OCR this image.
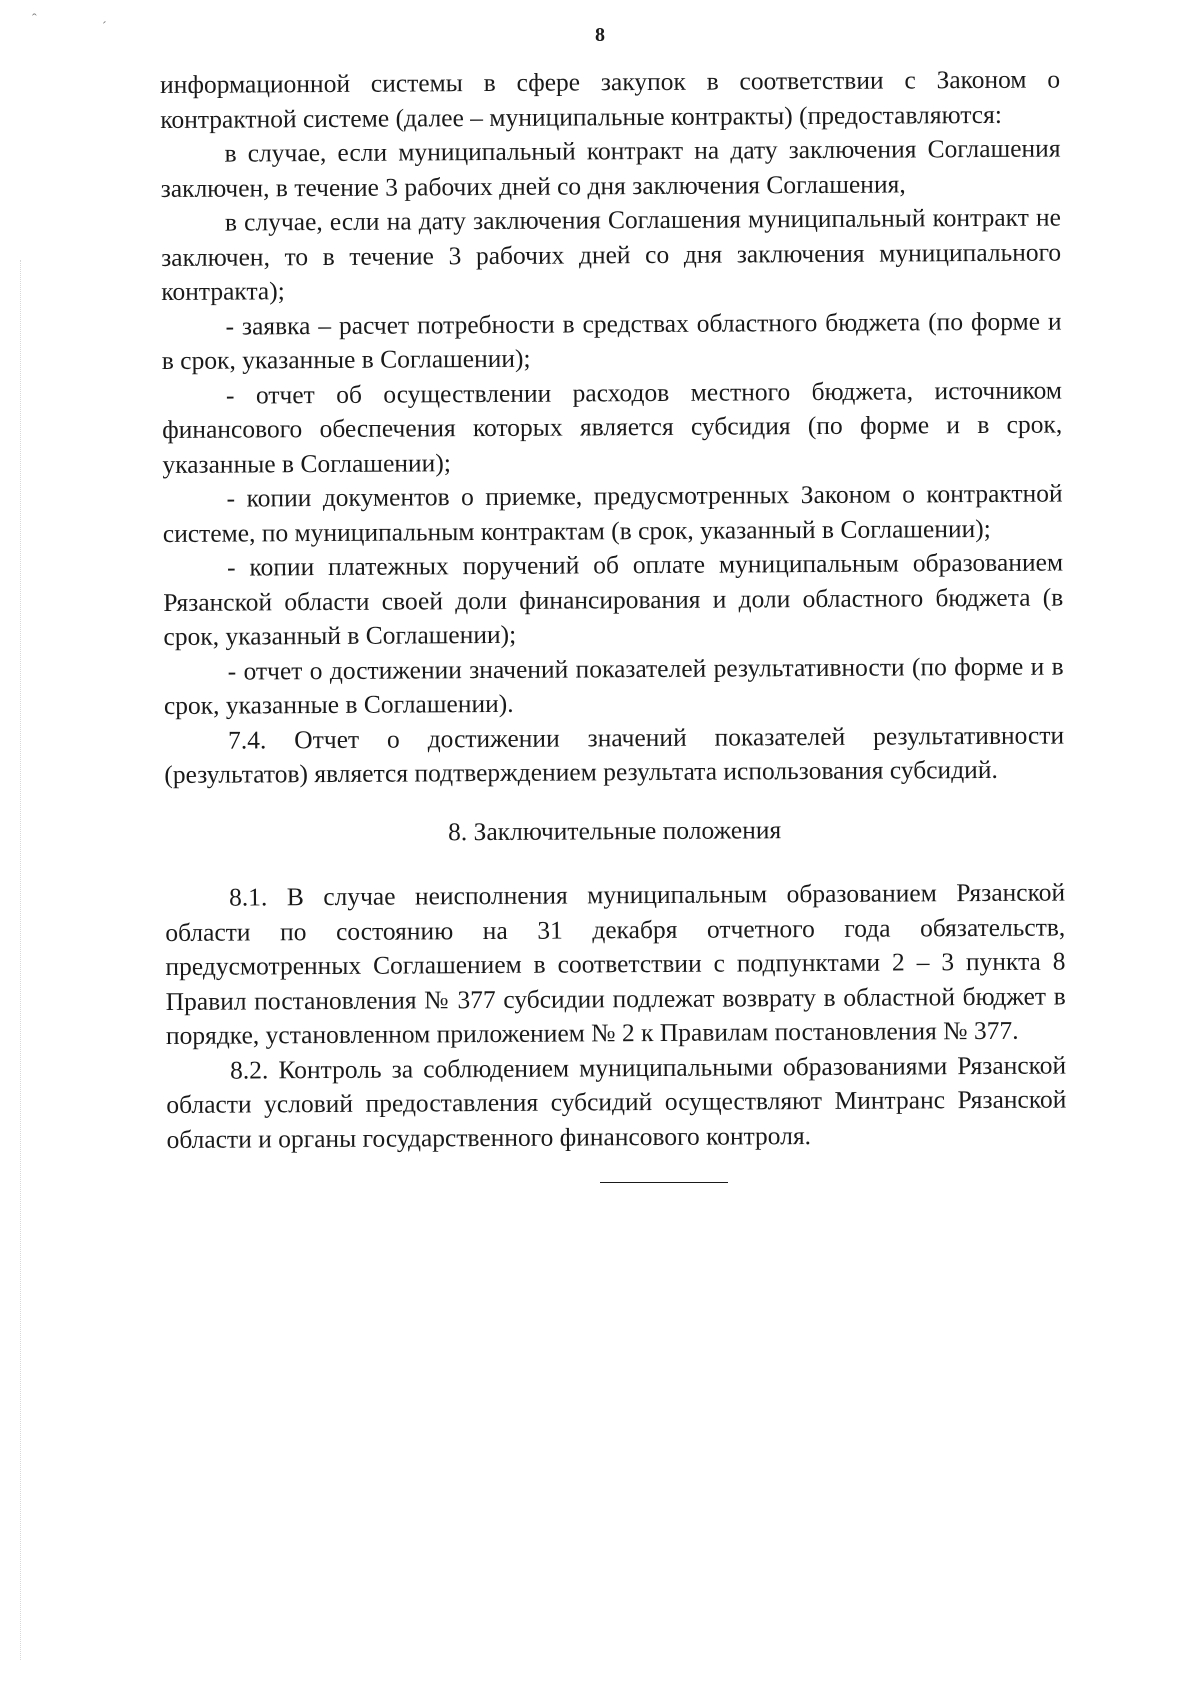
ˆ
ˊ	8

информационной системы в сфере закупок в соответствии с Законом о контрактной системе (далее – муниципальные контракты) (предоставляются:

в случае, если муниципальный контракт на дату заключения Соглашения заключен, в течение 3 рабочих дней со дня заключения Соглашения,

в случае, если на дату заключения Соглашения муниципальный контракт не заключен, то в течение 3 рабочих дней со дня заключения муниципального контракта);

- заявка – расчет потребности в средствах областного бюджета (по форме и в срок, указанные в Соглашении);

- отчет об осуществлении расходов местного бюджета, источником финансового обеспечения которых является субсидия (по форме и в срок, указанные в Соглашении);

- копии документов о приемке, предусмотренных Законом о контрактной системе, по муниципальным контрактам (в срок, указанный в Соглашении);

- копии платежных поручений об оплате муниципальным образованием Рязанской области своей доли финансирования и доли областного бюджета (в срок, указанный в Соглашении);

- отчет о достижении значений показателей результативности (по форме и в срок, указанные в Соглашении).

7.4. Отчет о достижении значений показателей результативности (результатов) является подтверждением результата использования субсидий.

8. Заключительные положения

8.1. В случае неисполнения муниципальным образованием Рязанской области по состоянию на 31 декабря отчетного года обязательств, предусмотренных Соглашением в соответствии с подпунктами 2 – 3 пункта 8 Правил постановления № 377 субсидии подлежат возврату в областной бюджет в порядке, установленном приложением № 2 к Правилам постановления № 377.

8.2. Контроль за соблюдением муниципальными образованиями Рязанской области условий предоставления субсидий осуществляют Минтранс Рязанской области и органы государственного финансового контроля.
